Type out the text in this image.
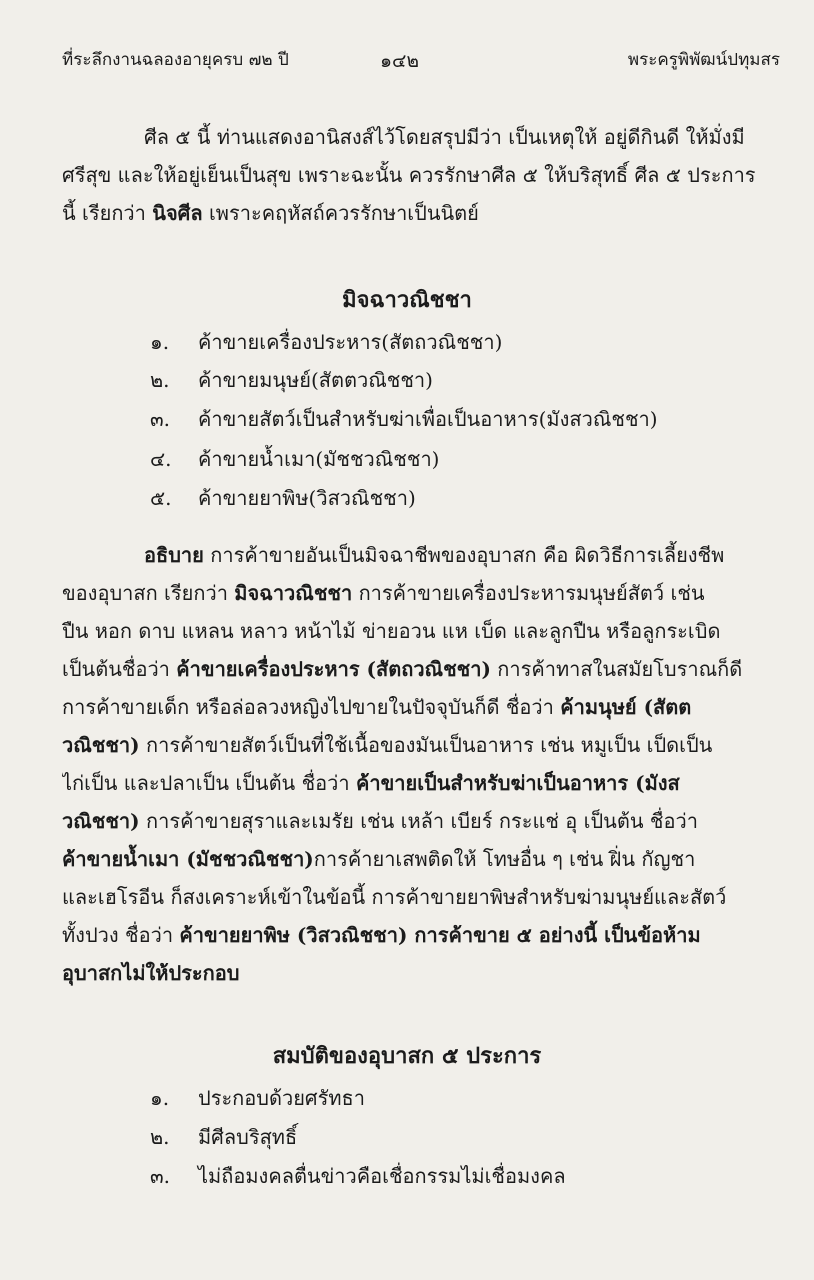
ที่ระลึกงานฉลองอายุครบ ๗๒ ปี	๑๔๒	พระครูพิพัฒน์ปทุมสร
ศีล ๕ นี้ ท่านแสดงอานิสงส์ไว้โดยสรุปมีว่า เป็นเหตุให้ อยู่ดีกินดี ให้มั่งมี
ศรีสุข และให้อยู่เย็นเป็นสุข เพราะฉะนั้น ควรรักษาศีล ๕ ให้บริสุทธิ์ ศีล ๕ ประการ
นี้ เรียกว่า นิจศีล เพราะคฤหัสถ์ควรรักษาเป็นนิตย์
มิจฉาวณิชชา
๑. ค้าขายเครื่องประหาร(สัตถวณิชชา)
๒. ค้าขายมนุษย์(สัตตวณิชชา)
๓. ค้าขายสัตว์เป็นสำหรับฆ่าเพื่อเป็นอาหาร(มังสวณิชชา)
๔. ค้าขายน้ำเมา(มัชชวณิชชา)
๕. ค้าขายยาพิษ(วิสวณิชชา)
อธิบาย การค้าขายอันเป็นมิจฉาชีพของอุบาสก คือ ผิดวิธีการเลี้ยงชีพ
ของอุบาสก เรียกว่า มิจฉาวณิชชา การค้าขายเครื่องประหารมนุษย์สัตว์ เช่น
ปืน หอก ดาบ แหลน หลาว หน้าไม้ ข่ายอวน แห เบ็ด และลูกปืน หรือลูกระเบิด
เป็นต้นชื่อว่า ค้าขายเครื่องประหาร (สัตถวณิชชา) การค้าทาสในสมัยโบราณก็ดี
การค้าขายเด็ก หรือล่อลวงหญิงไปขายในปัจจุบันก็ดี ชื่อว่า ค้ามนุษย์ (สัตต
วณิชชา) การค้าขายสัตว์เป็นที่ใช้เนื้อของมันเป็นอาหาร เช่น หมูเป็น เป็ดเป็น
ไก่เป็น และปลาเป็น เป็นต้น ชื่อว่า ค้าขายเป็นสำหรับฆ่าเป็นอาหาร (มังส
วณิชชา) การค้าขายสุราและเมรัย เช่น เหล้า เบียร์ กระแช่ อุ เป็นต้น ชื่อว่า
ค้าขายน้ำเมา (มัชชวณิชชา)การค้ายาเสพติดให้ โทษอื่น ๆ เช่น ฝิ่น กัญชา
และเฮโรอีน ก็สงเคราะห์เข้าในข้อนี้ การค้าขายยาพิษสำหรับฆ่ามนุษย์และสัตว์
ทั้งปวง ชื่อว่า ค้าขายยาพิษ (วิสวณิชชา) การค้าขาย ๕ อย่างนี้ เป็นข้อห้าม
อุบาสกไม่ให้ประกอบ
สมบัติของอุบาสก ๕ ประการ
๑. ประกอบด้วยศรัทธา
๒. มีศีลบริสุทธิ์
๓. ไม่ถือมงคลตื่นข่าวคือเชื่อกรรมไม่เชื่อมงคล
